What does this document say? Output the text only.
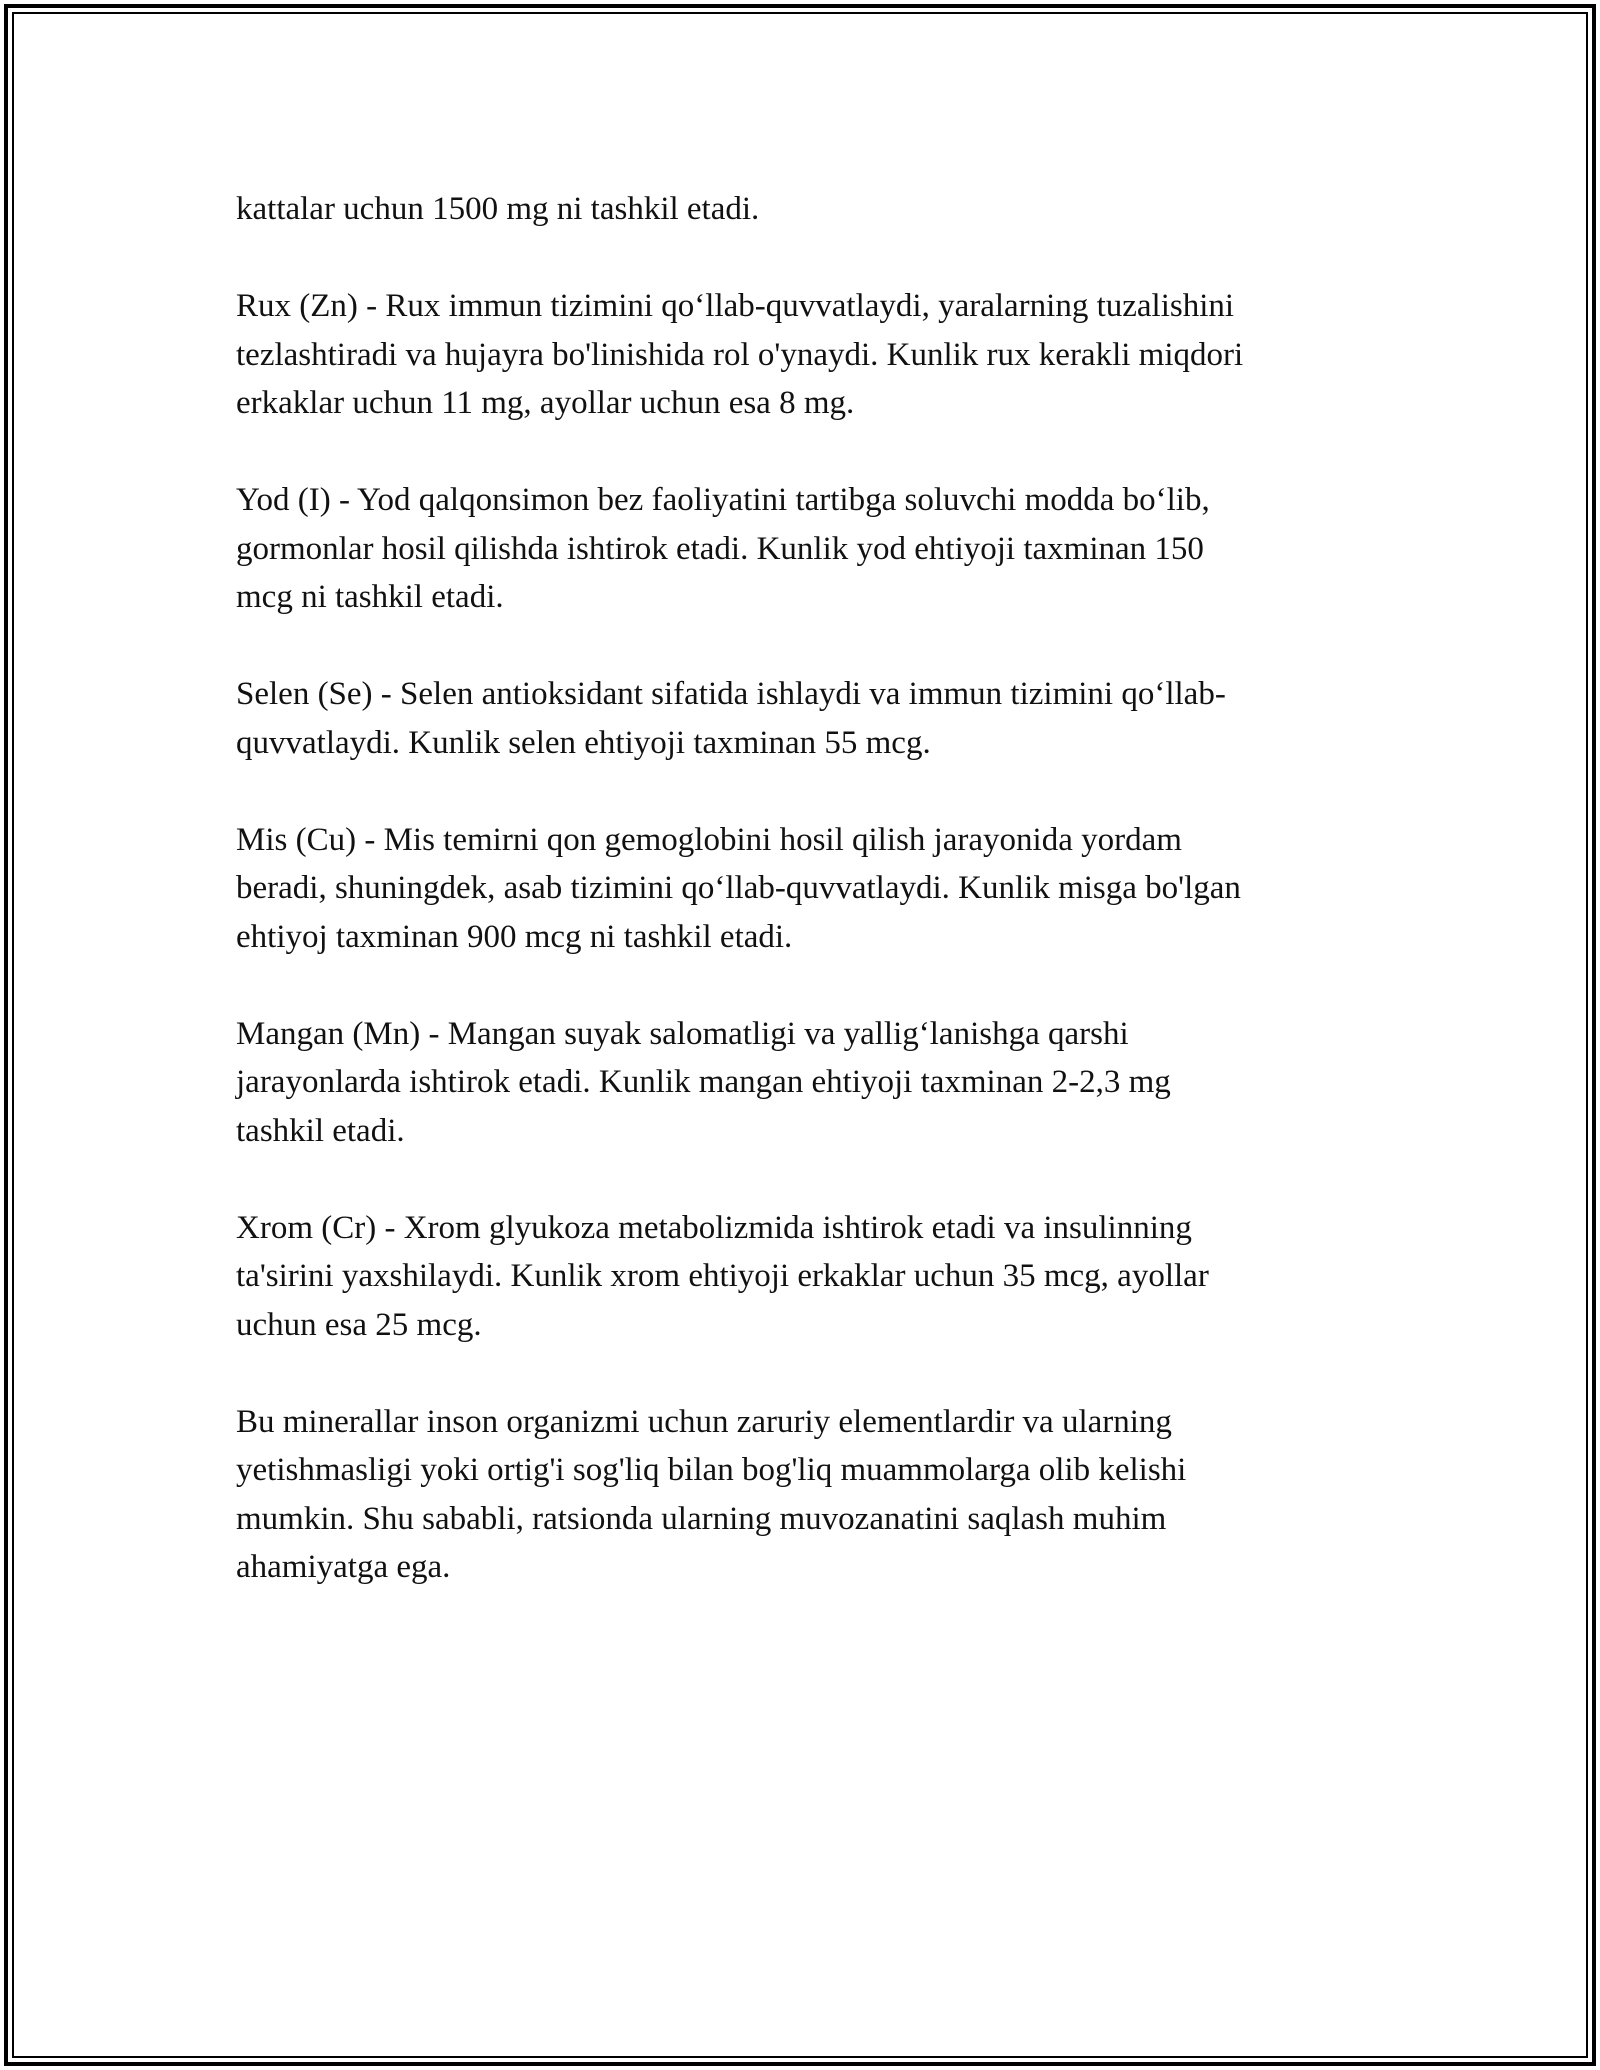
kattalar uchun 1500 mg ni tashkil etadi.

Rux (Zn) - Rux immun tizimini qo‘llab-quvvatlaydi, yaralarning tuzalishini
tezlashtiradi va hujayra bo'linishida rol o'ynaydi. Kunlik rux kerakli miqdori
erkaklar uchun 11 mg, ayollar uchun esa 8 mg.

Yod (I) - Yod qalqonsimon bez faoliyatini tartibga soluvchi modda bo‘lib,
gormonlar hosil qilishda ishtirok etadi. Kunlik yod ehtiyoji taxminan 150
mcg ni tashkil etadi.

Selen (Se) - Selen antioksidant sifatida ishlaydi va immun tizimini qo‘llab-
quvvatlaydi. Kunlik selen ehtiyoji taxminan 55 mcg.

Mis (Cu) - Mis temirni qon gemoglobini hosil qilish jarayonida yordam
beradi, shuningdek, asab tizimini qo‘llab-quvvatlaydi. Kunlik misga bo'lgan
ehtiyoj taxminan 900 mcg ni tashkil etadi.

Mangan (Mn) - Mangan suyak salomatligi va yallig‘lanishga qarshi
jarayonlarda ishtirok etadi. Kunlik mangan ehtiyoji taxminan 2-2,3 mg
tashkil etadi.

Xrom (Cr) - Xrom glyukoza metabolizmida ishtirok etadi va insulinning
ta'sirini yaxshilaydi. Kunlik xrom ehtiyoji erkaklar uchun 35 mcg, ayollar
uchun esa 25 mcg.

Bu minerallar inson organizmi uchun zaruriy elementlardir va ularning
yetishmasligi yoki ortig'i sog'liq bilan bog'liq muammolarga olib kelishi
mumkin. Shu sababli, ratsionda ularning muvozanatini saqlash muhim
ahamiyatga ega.
